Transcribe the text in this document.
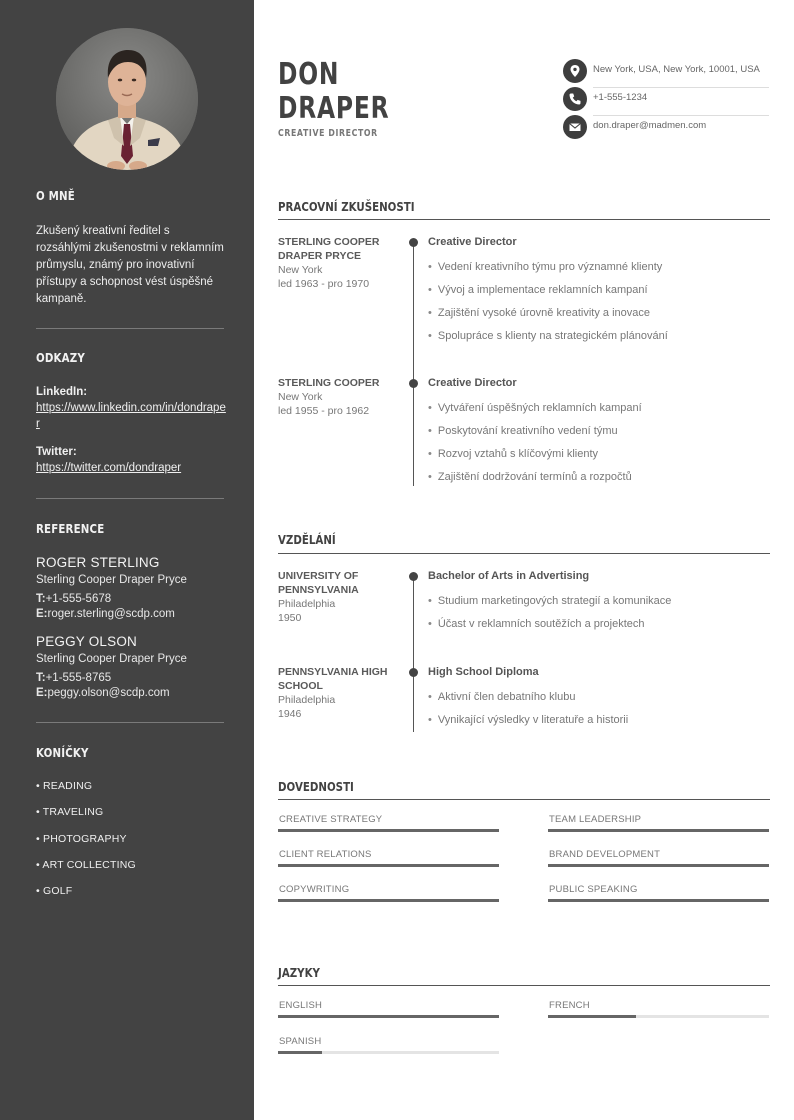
O MNĚ
Zkušený kreativní ředitel s rozsáhlými zkušenostmi v reklamním průmyslu, známý pro inovativní přístupy a schopnost vést úspěšné kampaně.
ODKAZY
LinkedIn:
https://www.linkedin.com/in/dondraper
Twitter:
https://twitter.com/dondraper
REFERENCE
ROGER STERLING
Sterling Cooper Draper Pryce
T:+1-555-5678
E:roger.sterling@scdp.com
PEGGY OLSON
Sterling Cooper Draper Pryce
T:+1-555-8765
E:peggy.olson@scdp.com
KONÍČKY
• READING
• TRAVELING
• PHOTOGRAPHY
• ART COLLECTING
• GOLF
DON
DRAPER
CREATIVE DIRECTOR
New York, USA, New York, 10001, USA
+1-555-1234
don.draper@madmen.com
PRACOVNÍ ZKUŠENOSTI
STERLING COOPER DRAPER PRYCE
New York
led 1963 - pro 1970
Creative Director
• Vedení kreativního týmu pro významné klienty
• Vývoj a implementace reklamních kampaní
• Zajištění vysoké úrovně kreativity a inovace
• Spolupráce s klienty na strategickém plánování
STERLING COOPER
New York
led 1955 - pro 1962
Creative Director
• Vytváření úspěšných reklamních kampaní
• Poskytování kreativního vedení týmu
• Rozvoj vztahů s klíčovými klienty
• Zajištění dodržování termínů a rozpočtů
VZDĚLÁNÍ
UNIVERSITY OF PENNSYLVANIA
Philadelphia
1950
Bachelor of Arts in Advertising
• Studium marketingových strategií a komunikace
• Účast v reklamních soutěžích a projektech
PENNSYLVANIA HIGH SCHOOL
Philadelphia
1946
High School Diploma
• Aktivní člen debatního klubu
• Vynikající výsledky v literatuře a historii
DOVEDNOSTI
CREATIVE STRATEGY	TEAM LEADERSHIP
CLIENT RELATIONS	BRAND DEVELOPMENT
COPYWRITING	PUBLIC SPEAKING
JAZYKY
ENGLISH	FRENCH
SPANISH
